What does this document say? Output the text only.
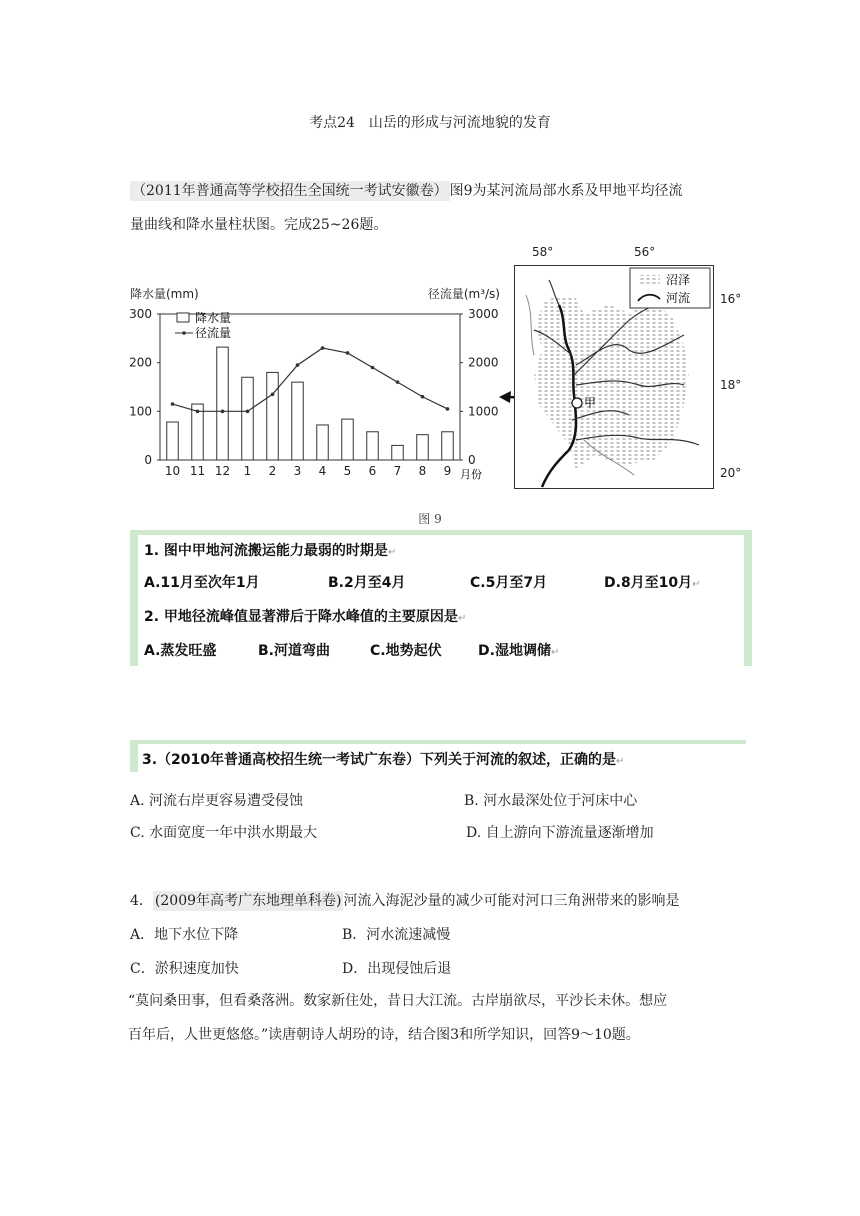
考点24　山岳的形成与河流地貌的发育
（2011年普通高等学校招生全国统一考试安徽卷） 图9为某河流局部水系及甲地平均径流
量曲线和降水量柱状图。完成25~26题。
降水量(mm)	径流量(m³/s)
0
100
200
300
0
1000
2000
3000
10 11 12 1 2 3 4 5 6 7 8 9
降水量
径流量
月份
58°	56°
16°
18°
20°
甲
沼泽
河流
图 9
1. 图中甲地河流搬运能力最弱的时期是↵
A.11月至次年1月	B.2月至4月	C.5月至7月	D.8月至10月↵
2. 甲地径流峰值显著滞后于降水峰值的主要原因是↵
A.蒸发旺盛	B.河道弯曲	C.地势起伏	D.湿地调储↵
3.（2010年普通高校招生统一考试广东卷）下列关于河流的叙述，正确的是↵
A. 河流右岸更容易遭受侵蚀	B. 河水最深处位于河床中心
C. 水面宽度一年中洪水期最大	D. 自上游向下游流量逐渐增加
4． (2009年高考广东地理单科卷) 河流入海泥沙量的减少可能对河口三角洲带来的影响是
A．地下水位下降	B．河水流速减慢
C．淤积速度加快	D．出现侵蚀后退
“莫问桑田事，但看桑落洲。数家新住处，昔日大江流。古岸崩欲尽，平沙长未休。想应
百年后，人世更悠悠。”读唐朝诗人胡玢的诗，结合图3和所学知识，回答9～10题。
